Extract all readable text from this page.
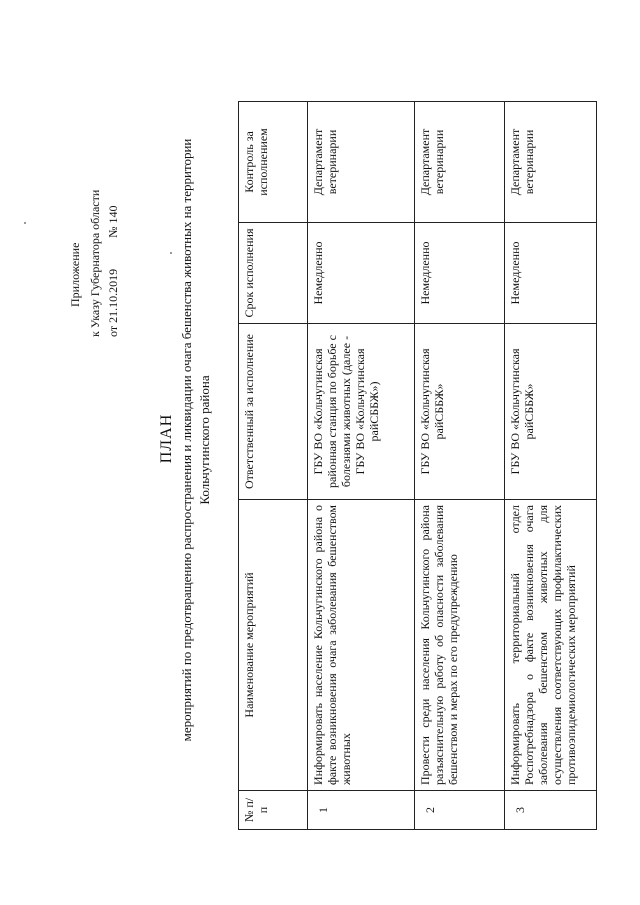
Приложение к Указу Губернатора области от 21.10.2019 № 140
ПЛАН мероприятий по предотвращению распространения и ликвидации очага бешенства животных на территории Кольчугинского района
№ п/п	Наименование мероприятий	Ответственный за исполнение	Срок исполнения	Контроль за исполнением
1	Информировать население Кольчугинского района о факте возникновения очага заболевания бешенством животных	ГБУ ВО «Кольчугинская районная станция по борьбе с болезнями животных (далее - ГБУ ВО «Кольчугинская райСББЖ»)	Немедленно	Департамент ветеринарии
2	Провести среди населения Кольчугинского района разъяснительную работу об опасности заболевания бешенством и мерах по его предупреждению	ГБУ ВО «Кольчугинская райСББЖ»	Немедленно	Департамент ветеринарии
3	Информировать территориальный отдел Роспотребнадзора о факте возникновения очага заболевания бешенством животных для осуществления соответствующих профилактических противоэпидемиологических мероприятий	ГБУ ВО «Кольчугинская райСББЖ»	Немедленно	Департамент ветеринарии
